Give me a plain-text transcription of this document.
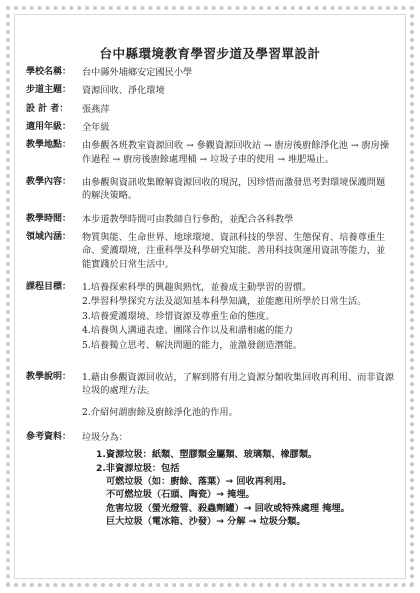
台中縣環境教育學習步道及學習單設計
學校名稱：	台中縣外埔鄉安定國民小學
步道主題：	資源回收、淨化環境
設 計 者：	張燕萍
適用年級：	全年級
教學地點：	由參觀各班教室資源回收 → 參觀資源回收站 → 廚房後廚餘淨化池 → 廚房操作過程 → 廚房後廚餘處理桶 → 垃圾子車的使用 → 堆肥場止。
教學內容：	由參觀與資訊收集瞭解資源回收的現況，因珍惜而激發思考對環境保護問題的解決策略。
教學時間：	本步道教學時間可由教師自行參酌，並配合各科教學
領域內涵：	物質與能、生命世界、地球環境、資訊科技的學習、生態保育、培養尊重生命、愛護環境，注重科學及科學研究知能、善用科技與運用資訊等能力，並能實踐於日常生活中。
課程目標：	1.培養探索科學的興趣與熱忱，並養成主動學習的習慣。
2.學習科學探究方法及認知基本科學知識，並能應用所學於日常生活。
3.培養愛護環境、珍惜資源及尊重生命的態度。
4.培養與人溝通表達、團隊合作以及和諧相處的能力
5.培養獨立思考、解決問題的能力，並激發創造潛能。
教學說明：	1.藉由參觀資源回收站，了解到將有用之資源分類收集回收再利用、而非資源垃圾的處理方法。
2.介紹何謂廚餘及廚餘淨化池的作用。
參考資料：	垃圾分為：
1.資源垃圾：紙類、塑膠類金屬類、玻璃類、橡膠類。
2.非資源垃圾：包括
可燃垃圾（如：廚餘、落葉）→ 回收再利用。
不可燃垃圾（石頭、陶瓷）→ 掩埋。
危害垃圾（螢光燈管、殺蟲劑罐）→ 回收或特殊處理 掩埋。
巨大垃圾（電冰箱、沙發）→ 分解 → 垃圾分類。
